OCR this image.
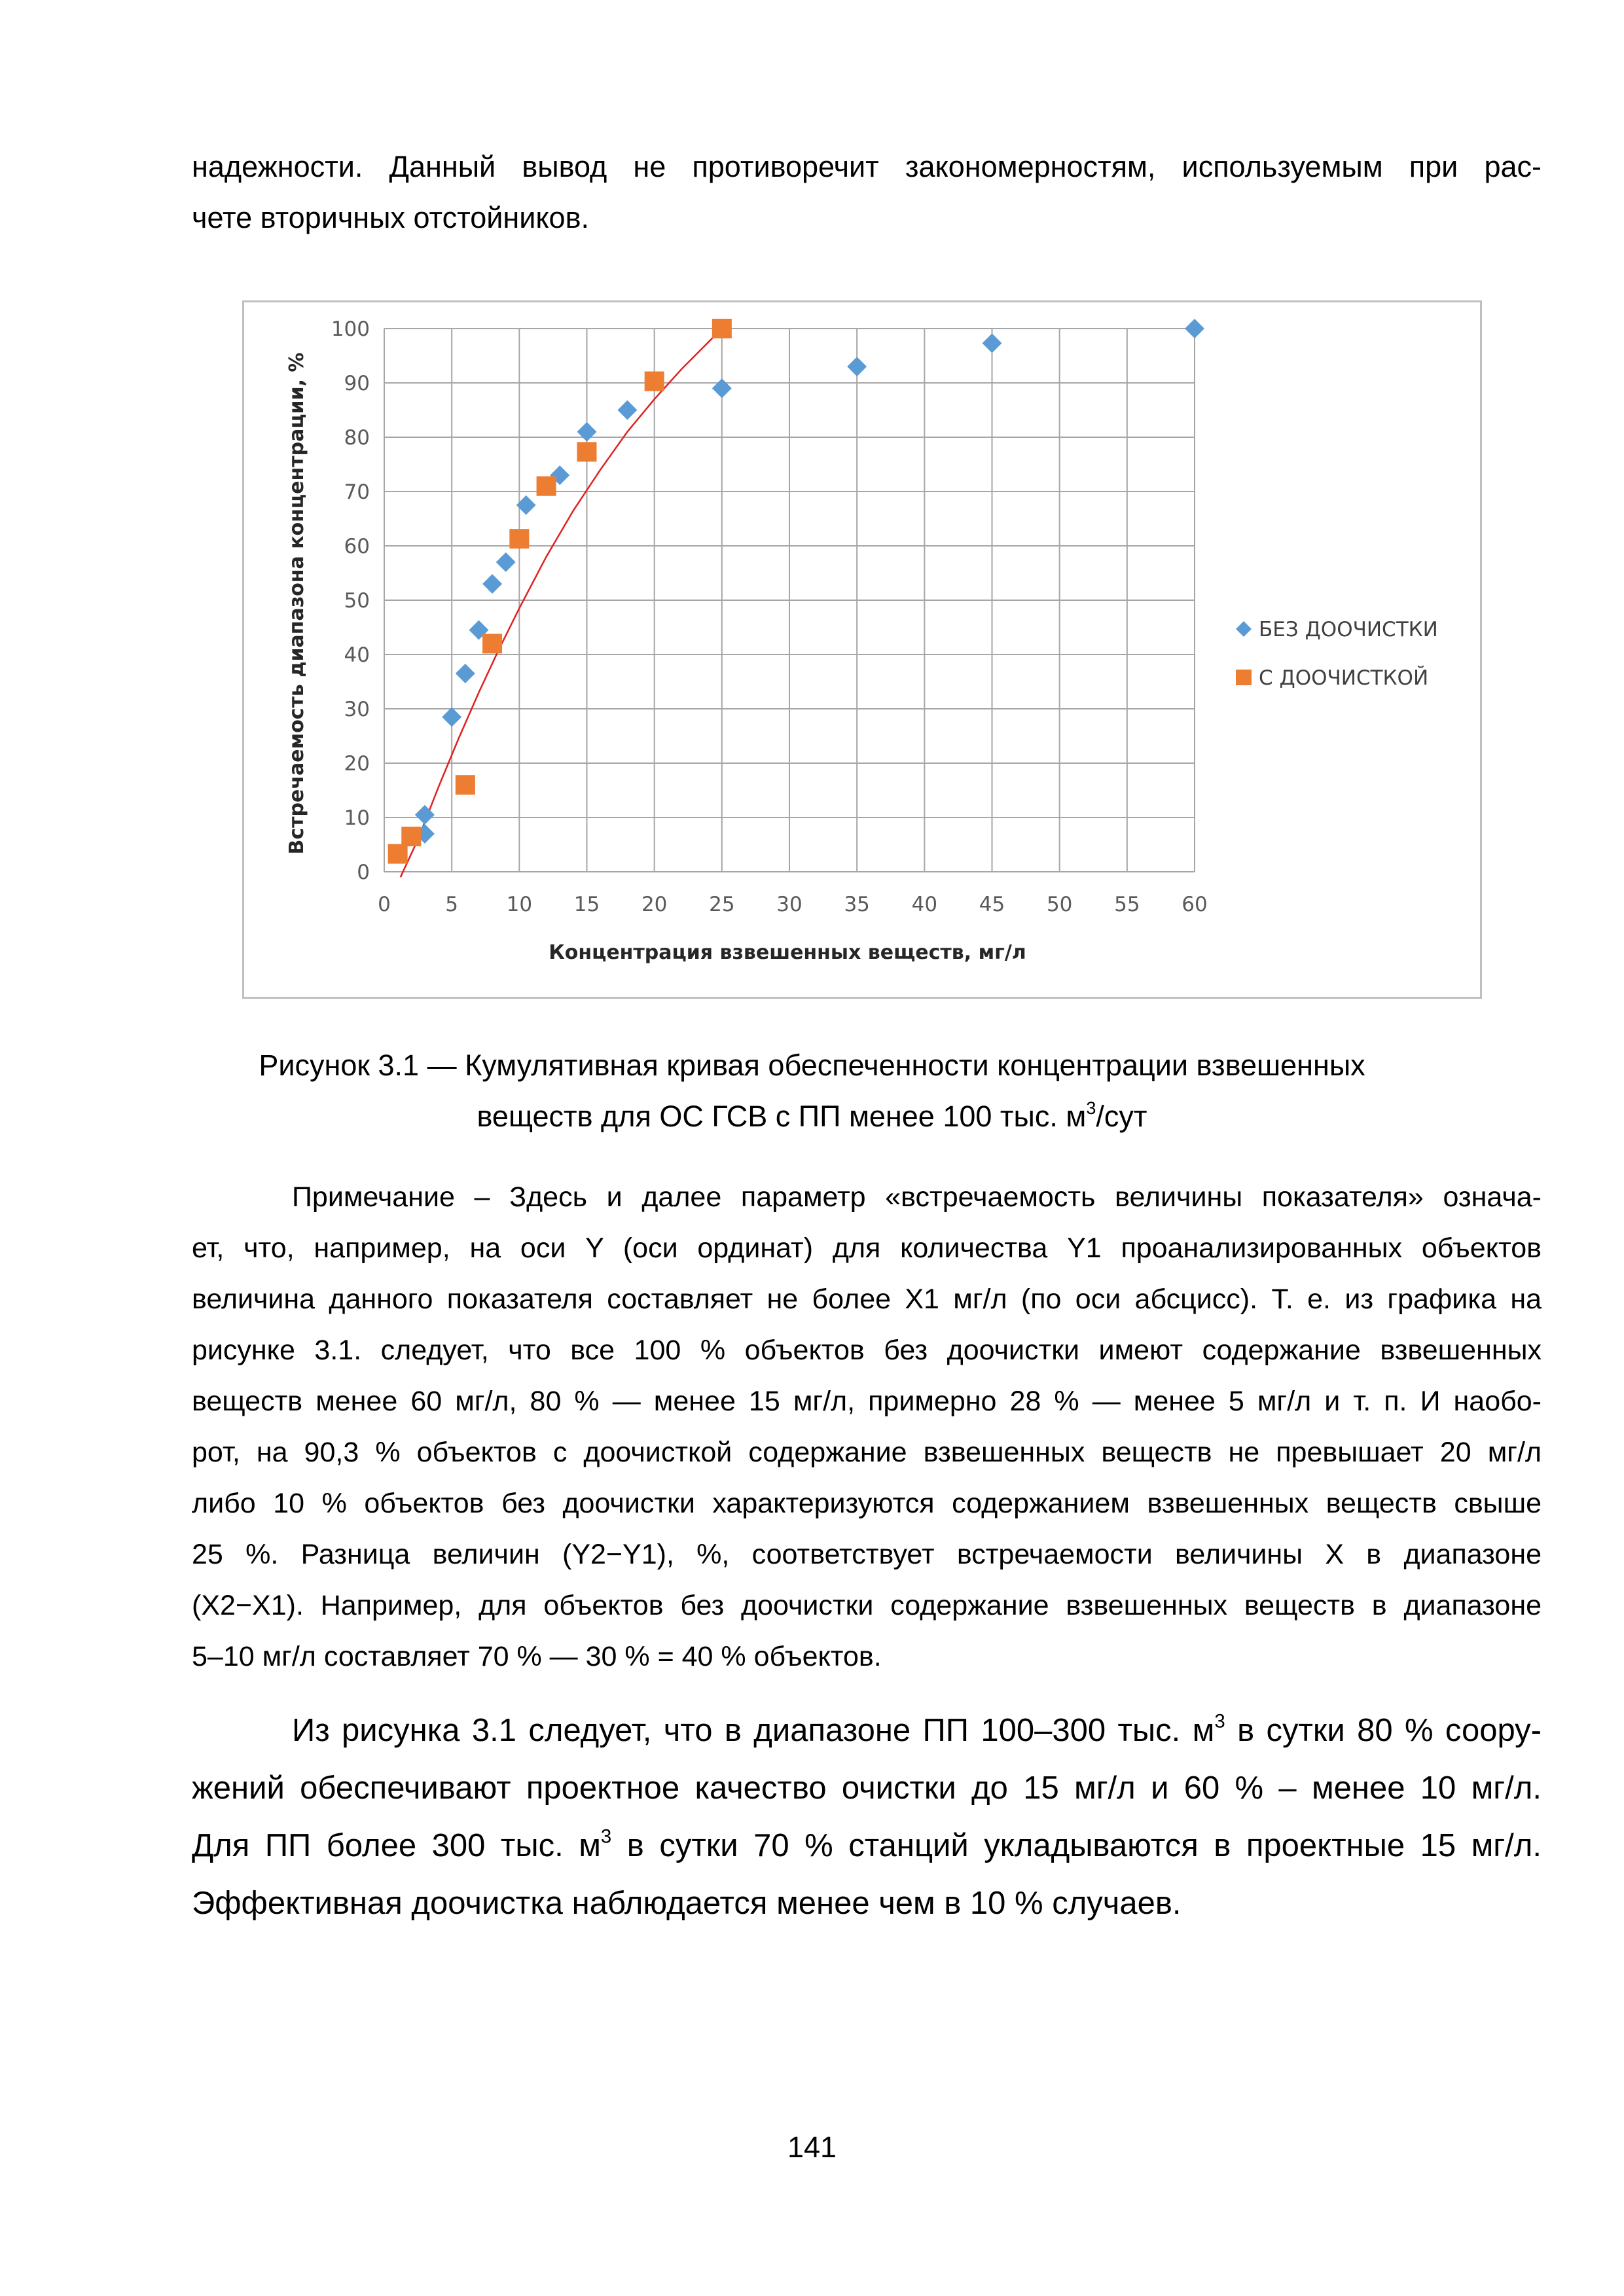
надежности. Данный вывод не противоречит закономерностям, используемым при рас-
чете вторичных отстойников.
0
10
20
30
40
50
60
70
80
90
100
0	5 10 15 20 25 30 35 40 45 50 55 60
Встречаемость диапазона концентрации, %
Концентрация взвешенных веществ, мг/л
БЕЗ ДООЧИСТКИ
С ДООЧИСТКОЙ
Рисунок 3.1 — Кумулятивная кривая обеспеченности концентрации взвешенных
веществ для ОС ГСВ с ПП менее 100 тыс. $м^3$/сут
Примечание – Здесь и далее параметр «встречаемость величины показателя» означа-
ет, что, например, на оси Y (оси ординат) для количества Y1 проанализированных объектов
величина данного показателя составляет не более X1 мг/л (по оси абсцисс). Т. е. из графика на
рисунке 3.1. следует, что все 100 % объектов без доочистки имеют содержание взвешенных
веществ менее 60 мг/л, 80 % — менее 15 мг/л, примерно 28 % — менее 5 мг/л и т. п. И наобо-
рот, на 90,3 % объектов с доочисткой содержание взвешенных веществ не превышает 20 мг/л
либо 10 % объектов без доочистки характеризуются содержанием взвешенных веществ свыше
25 %. Разница величин (Y2−Y1), %, соответствует встречаемости величины X в диапазоне
(X2−X1). Например, для объектов без доочистки содержание взвешенных веществ в диапазоне
5–10 мг/л составляет 70 % — 30 % = 40 % объектов.
Из рисунка 3.1 следует, что в диапазоне ПП 100–300 тыс. $м^3$ в сутки 80 % соору-
жений обеспечивают проектное качество очистки до 15 мг/л и 60 % – менее 10 мг/л.
Для ПП более 300 тыс. $м^3$ в сутки 70 % станций укладываются в проектные 15 мг/л.
Эффективная доочистка наблюдается менее чем в 10 % случаев.
141
